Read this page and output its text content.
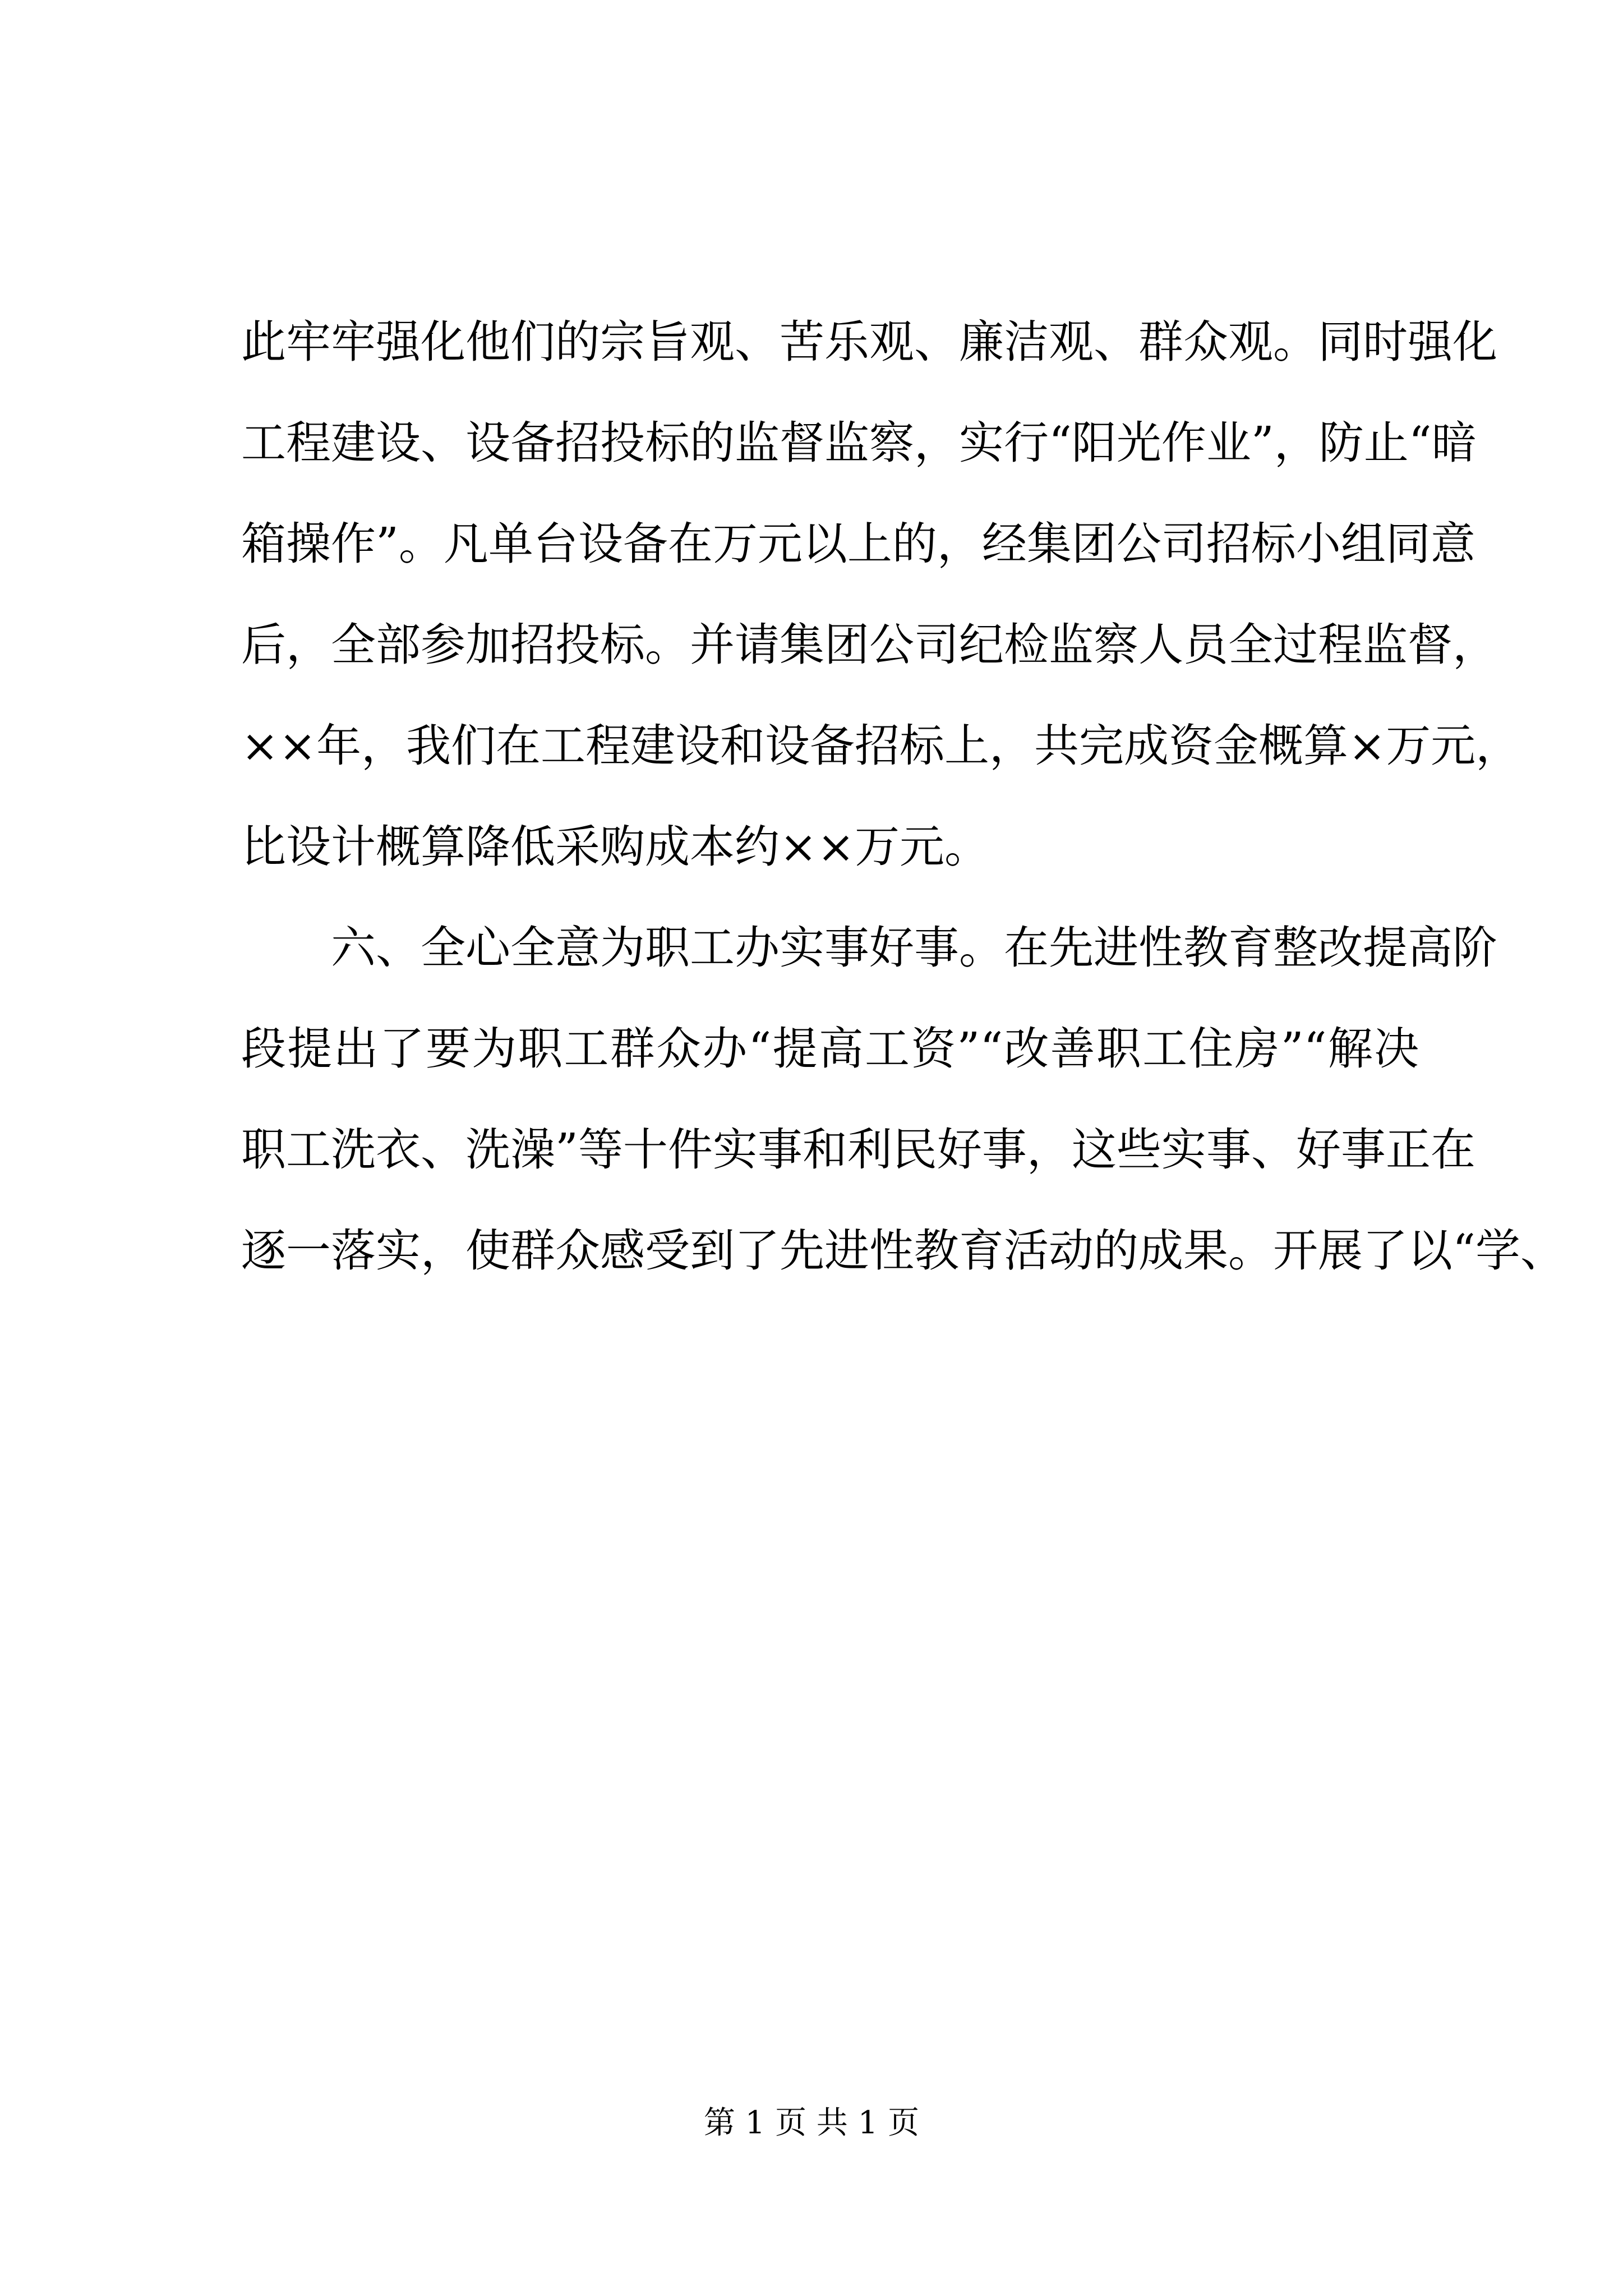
此牢牢强化他们的宗旨观、苦乐观、廉洁观、群众观。同时强化
工程建设、设备招投标的监督监察，实行“阳光作业”，防止“暗
箱操作”。凡单台设备在万元以上的，经集团公司招标小组同意
后，全部参加招投标。并请集团公司纪检监察人员全过程监督，
××年，我们在工程建设和设备招标上，共完成资金概算×万元，
比设计概算降低采购成本约××万元。
六、全心全意为职工办实事好事。在先进性教育整改提高阶
段提出了要为职工群众办“提高工资”“改善职工住房”“解决
职工洗衣、洗澡”等十件实事和利民好事，这些实事、好事正在
逐一落实，使群众感受到了先进性教育活动的成果。开展了以“学、
第 1 页 共 1 页
